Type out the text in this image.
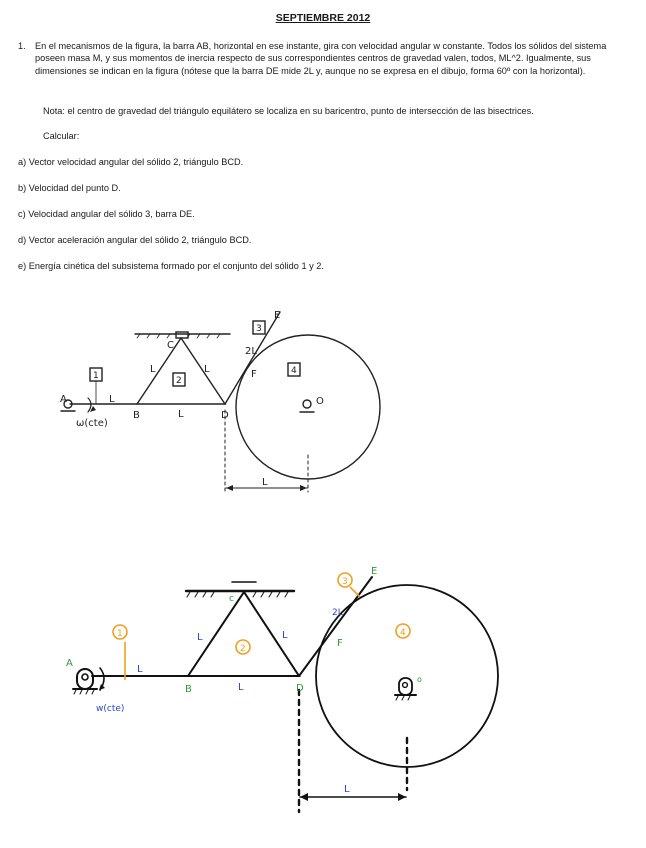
SEPTIEMBRE 2012
1. En el mecanismos de la figura, la barra AB, horizontal en ese instante, gira con velocidad angular w constante. Todos los sólidos del sistema poseen masa M, y sus momentos de inercia respecto de sus correspondientes centros de gravedad valen, todos, ML^2. Igualmente, sus dimensiones se indican en la figura (nótese que la barra DE mide 2L y, aunque no se expresa en el dibujo, forma 60º con la horizontal).
Nota: el centro de gravedad del triángulo equilátero se localiza en su baricentro, punto de intersección de las bisectrices.
Calcular:
a) Vector velocidad angular del sólido 2, triángulo BCD.
b) Velocidad del punto D.
c) Velocidad angular del sólido 3, barra DE.
d) Vector aceleración angular del sólido 2, triángulo BCD.
e) Energía cinética del subsistema formado por el conjunto del sólido 1 y 2.
A	L
B
C
L	L
L	D
E
2L
F
O
ω(cte)
L
1	2
3
4
1
2
3
4
A
B
c
D
E
F
o
L
L	L
L
2L
L
w(cte)
